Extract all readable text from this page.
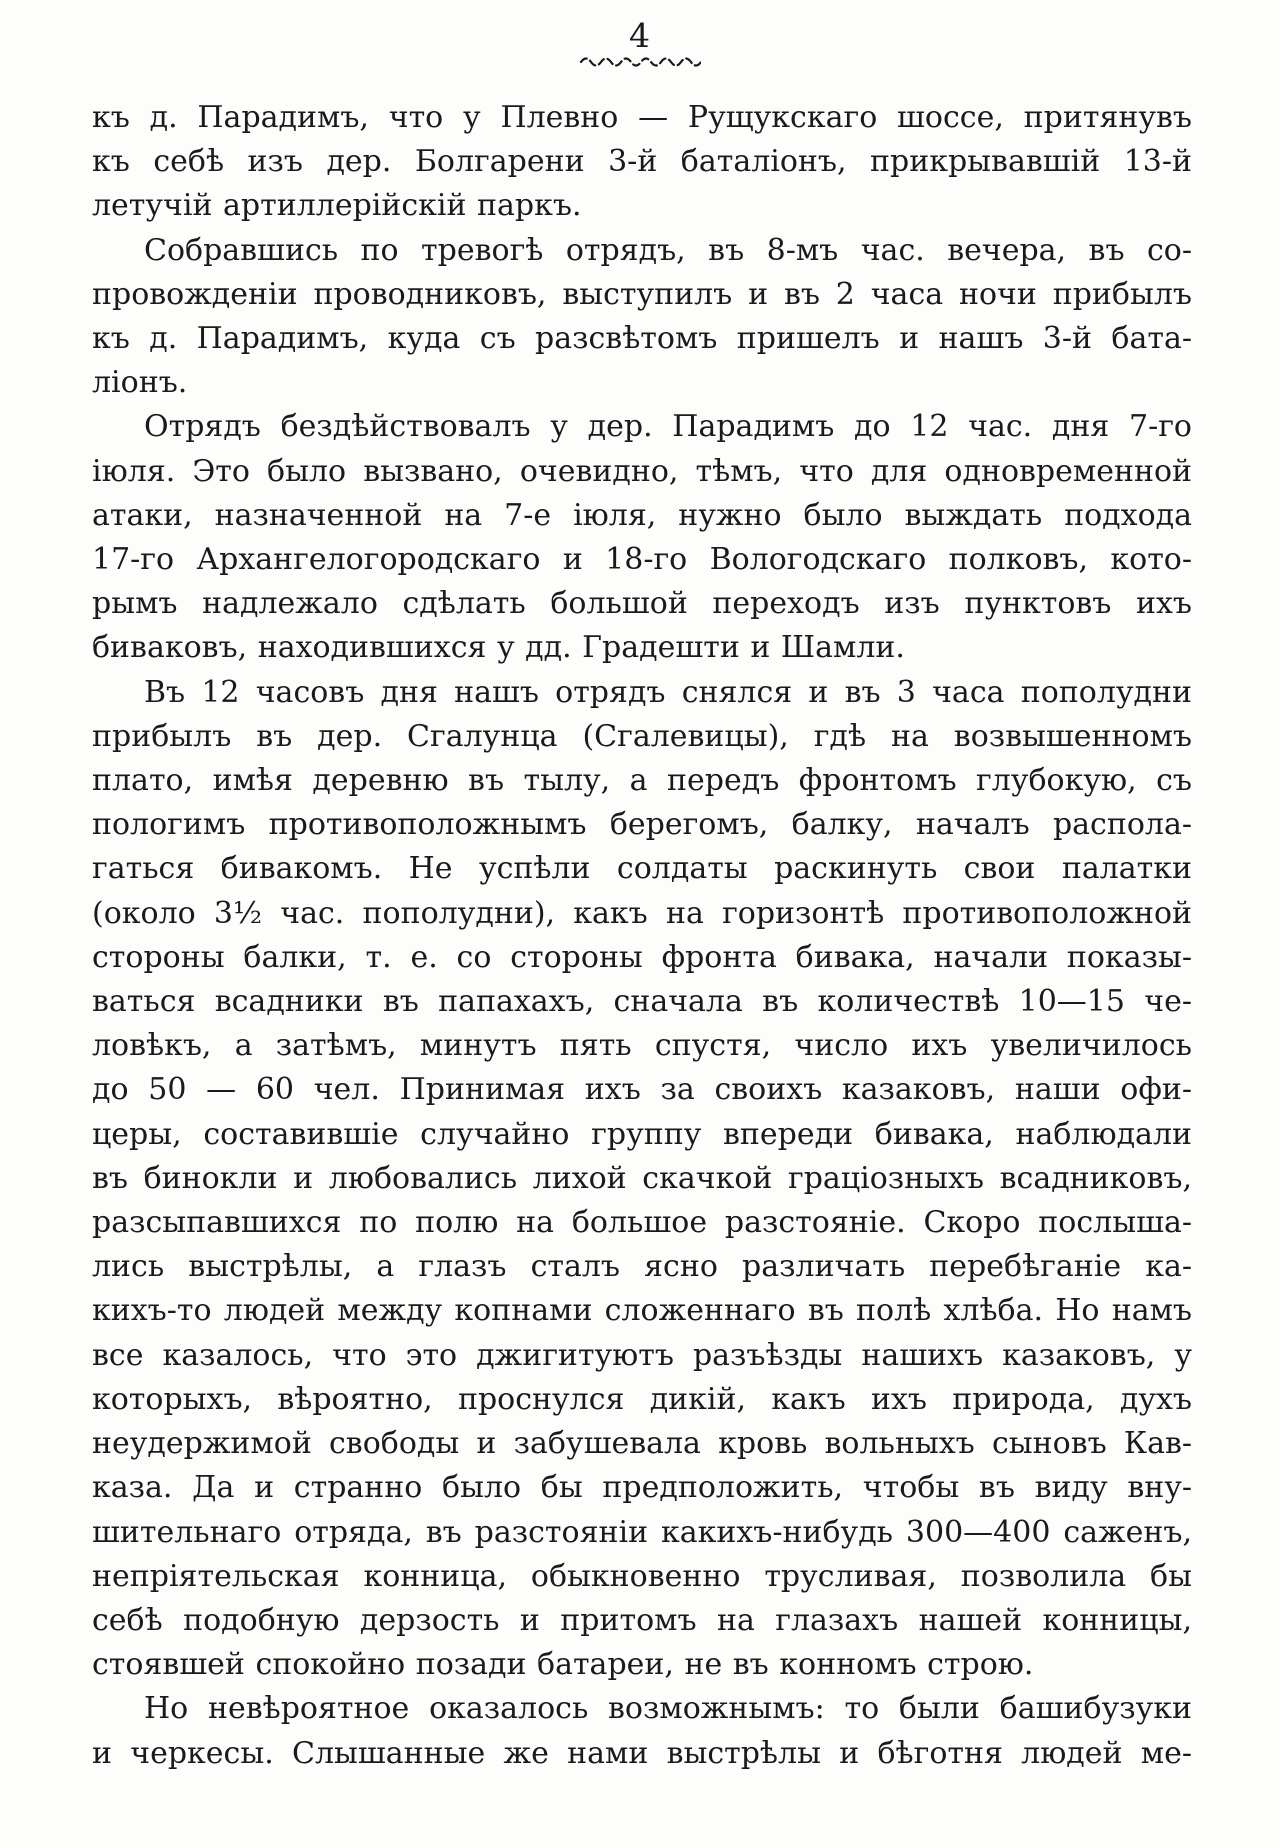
4
къ д. Парадимъ, что у Плевно — Рущукскаго шоссе, притянувъ
къ себѣ изъ дер. Болгарени 3-й баталіонъ, прикрывавшій 13-й
летучій артиллерійскій паркъ.
Собравшись по тревогѣ отрядъ, въ 8-мъ час. вечера, въ со-
провожденіи проводниковъ, выступилъ и въ 2 часа ночи прибылъ
къ д. Парадимъ, куда съ разсвѣтомъ пришелъ и нашъ 3-й бата-
ліонъ.
Отрядъ бездѣйствовалъ у дер. Парадимъ до 12 час. дня 7-го
іюля. Это было вызвано, очевидно, тѣмъ, что для одновременной
атаки, назначенной на 7-е іюля, нужно было выждать подхода
17-го Архангелогородскаго и 18-го Вологодскаго полковъ, кото-
рымъ надлежало сдѣлать большой переходъ изъ пунктовъ ихъ
биваковъ, находившихся у дд. Градешти и Шамли.
Въ 12 часовъ дня нашъ отрядъ снялся и въ 3 часа пополудни
прибылъ въ дер. Сгалунца (Сгалевицы), гдѣ на возвышенномъ
плато, имѣя деревню въ тылу, а передъ фронтомъ глубокую, съ
пологимъ противоположнымъ берегомъ, балку, началъ распола-
гаться бивакомъ. Не успѣли солдаты раскинуть свои палатки
(около 3½ час. пополудни), какъ на горизонтѣ противоположной
стороны балки, т. е. со стороны фронта бивака, начали показы-
ваться всадники въ папахахъ, сначала въ количествѣ 10—15 че-
ловѣкъ, а затѣмъ, минутъ пять спустя, число ихъ увеличилось
до 50 — 60 чел. Принимая ихъ за своихъ казаковъ, наши офи-
церы, составившіе случайно группу впереди бивака, наблюдали
въ бинокли и любовались лихой скачкой граціозныхъ всадниковъ,
разсыпавшихся по полю на большое разстояніе. Скоро послыша-
лись выстрѣлы, а глазъ сталъ ясно различать перебѣганіе ка-
кихъ-то людей между копнами сложеннаго въ полѣ хлѣба. Но намъ
все казалось, что это джигитуютъ разъѣзды нашихъ казаковъ, у
которыхъ, вѣроятно, проснулся дикій, какъ ихъ природа, духъ
неудержимой свободы и забушевала кровь вольныхъ сыновъ Кав-
каза. Да и странно было бы предположить, чтобы въ виду вну-
шительнаго отряда, въ разстояніи какихъ-нибудь 300—400 саженъ,
непріятельская конница, обыкновенно трусливая, позволила бы
себѣ подобную дерзость и притомъ на глазахъ нашей конницы,
стоявшей спокойно позади батареи, не въ конномъ строю.
Но невѣроятное оказалось возможнымъ: то были башибузуки
и черкесы. Слышанные же нами выстрѣлы и бѣготня людей ме-
